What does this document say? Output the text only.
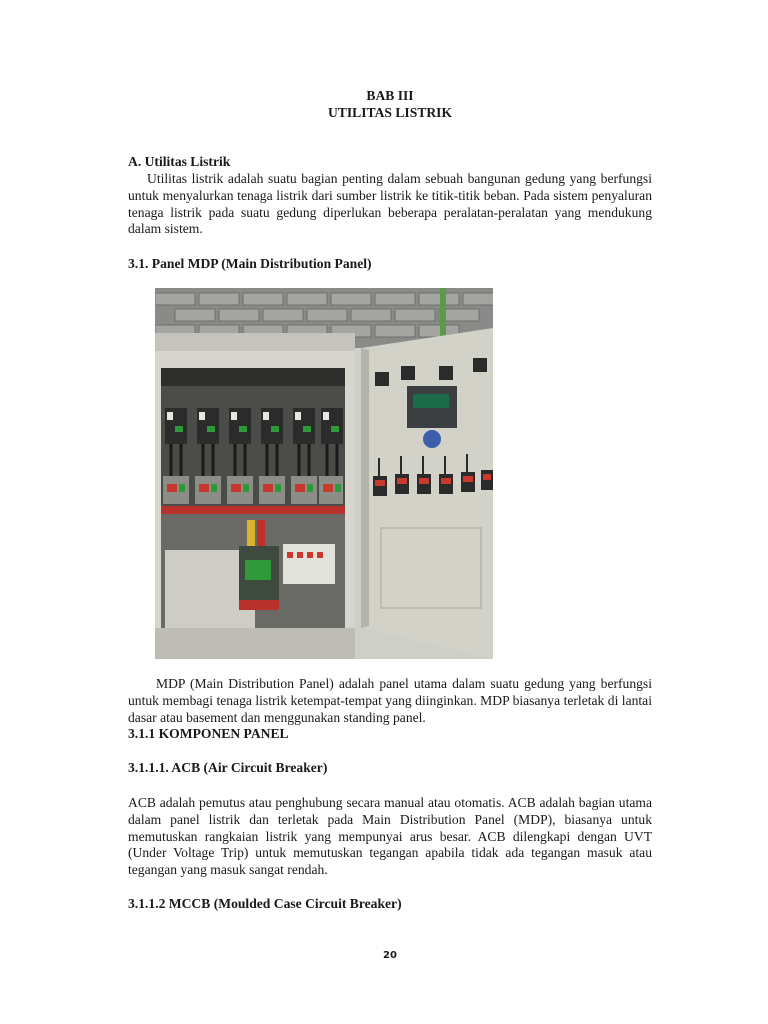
BAB III
UTILITAS LISTRIK
A. Utilitas Listrik
Utilitas listrik adalah suatu bagian penting dalam sebuah bangunan gedung yang berfungsi untuk menyalurkan tenaga listrik dari sumber listrik ke titik-titik beban. Pada sistem penyaluran tenaga listrik pada suatu gedung diperlukan beberapa peralatan-peralatan yang mendukung dalam sistem.
3.1. Panel MDP (Main Distribution Panel)
MDP (Main Distribution Panel) adalah panel utama dalam suatu gedung yang berfungsi untuk membagi tenaga listrik ketempat-tempat yang diinginkan. MDP biasanya terletak di lantai dasar atau basement dan menggunakan standing panel.
3.1.1 KOMPONEN PANEL
3.1.1.1. ACB (Air Circuit Breaker)
ACB adalah pemutus atau penghubung secara manual atau otomatis. ACB adalah bagian utama dalam panel listrik dan terletak pada Main Distribution Panel (MDP), biasanya untuk memutuskan rangkaian listrik yang mempunyai arus besar. ACB dilengkapi dengan UVT (Under Voltage Trip) untuk memutuskan tegangan apabila tidak ada tegangan masuk atau tegangan yang masuk sangat rendah.
3.1.1.2 MCCB (Moulded Case Circuit Breaker)
20
